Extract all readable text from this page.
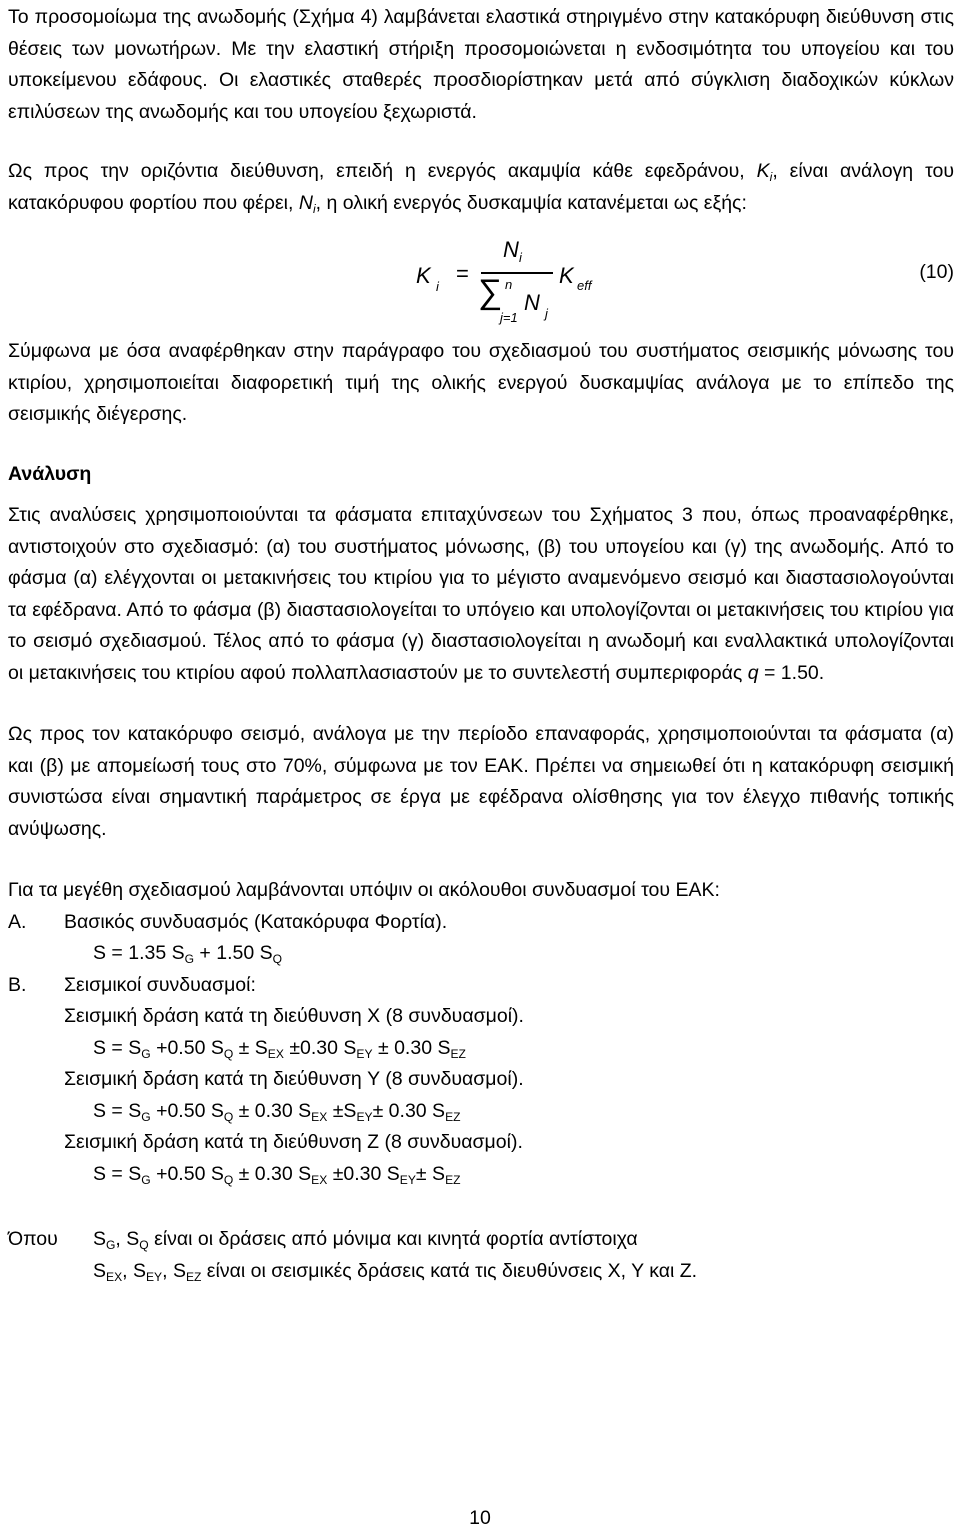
Το προσομοίωμα της ανωδομής (Σχήμα 4) λαμβάνεται ελαστικά στηριγμένο στην κατακόρυφη διεύθυνση στις θέσεις των μονωτήρων. Με την ελαστική στήριξη προσομοιώνεται η ενδοσιμότητα του υπογείου και του υποκείμενου εδάφους. Οι ελαστικές σταθερές προσδιορίστηκαν μετά από σύγκλιση διαδοχικών κύκλων επιλύσεων της ανωδομής και του υπογείου ξεχωριστά.

Ως προς την οριζόντια διεύθυνση, επειδή η ενεργός ακαμψία κάθε εφεδράνου, $K_i$, είναι ανάλογη του κατακόρυφου φορτίου που φέρει, $N_i$, η ολική ενεργός δυσκαμψία κατανέμεται ως εξής:

K i
=
N i
∑ n
j=1
N j
K eff
(10)

Σύμφωνα με όσα αναφέρθηκαν στην παράγραφο του σχεδιασμού του συστήματος σεισμικής μόνωσης του κτιρίου, χρησιμοποιείται διαφορετική τιμή της ολικής ενεργού δυσκαμψίας ανάλογα με το επίπεδο της σεισμικής διέγερσης.

Ανάλυση

Στις αναλύσεις χρησιμοποιούνται τα φάσματα επιταχύνσεων του Σχήματος 3 που, όπως προαναφέρθηκε, αντιστοιχούν στο σχεδιασμό: (α) του συστήματος μόνωσης, (β) του υπογείου και (γ) της ανωδομής. Από το φάσμα (α) ελέγχονται οι μετακινήσεις του κτιρίου για το μέγιστο αναμενόμενο σεισμό και διαστασιολογούνται τα εφέδρανα. Από το φάσμα (β) διαστασιολογείται το υπόγειο και υπολογίζονται οι μετακινήσεις του κτιρίου για το σεισμό σχεδιασμού. Τέλος από το φάσμα (γ) διαστασιολογείται η ανωδομή και εναλλακτικά υπολογίζονται οι μετακινήσεις του κτιρίου αφού πολλαπλασιαστούν με το συντελεστή συμπεριφοράς q = 1.50.

Ως προς τον κατακόρυφο σεισμό, ανάλογα με την περίοδο επαναφοράς, χρησιμοποιούνται τα φάσματα (α) και (β) με απομείωσή τους στο 70%, σύμφωνα με τον ΕΑΚ. Πρέπει να σημειωθεί ότι η κατακόρυφη σεισμική συνιστώσα είναι σημαντική παράμετρος σε έργα με εφέδρανα ολίσθησης για τον έλεγχο πιθανής τοπικής ανύψωσης.

Για τα μεγέθη σχεδιασμού λαμβάνονται υπόψιν οι ακόλουθοι συνδυασμοί του ΕΑΚ:
Α.	Βασικός συνδυασμός (Κατακόρυφα Φορτία).
S = 1.35 $S_G + 1.50$ $S_Q$
Β.	Σεισμικοί συνδυασμοί:
Σεισμική δράση κατά τη διεύθυνση X (8 συνδυασμοί).
$S = S_G +0.50$ $S_Q \pm S_{EX} \pm 0.30$ $S_{EY} \pm 0.30$ $S_{EZ}$
Σεισμική δράση κατά τη διεύθυνση Y (8 συνδυασμοί).
$S = S_G +0.50$ $S_Q \pm 0.30$ $S_{EX} \pm S_{EY}\pm 0.30$ $S_{EZ}$
Σεισμική δράση κατά τη διεύθυνση Z (8 συνδυασμοί).
$S = S_G +0.50$ $S_Q \pm 0.30$ $S_{EX} \pm 0.30$ $S_{EY}\pm S_{EZ}$
Όπου	$S_G$, $S_Q$ είναι οι δράσεις από μόνιμα και κινητά φορτία αντίστοιχα
$S_{EX}$, $S_{EY}$, $S_{EZ}$ είναι οι σεισμικές δράσεις κατά τις διευθύνσεις X, Y και Z.
10
